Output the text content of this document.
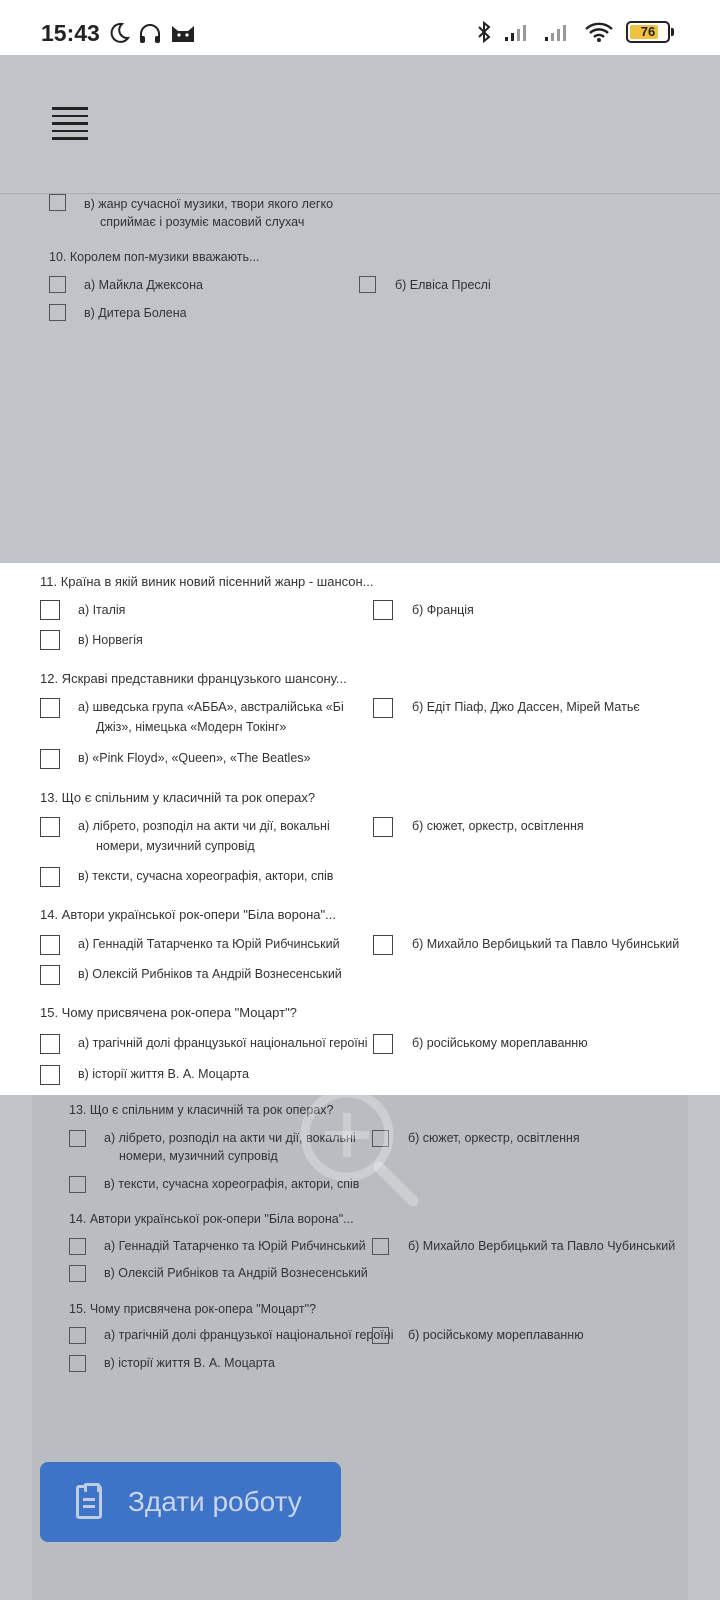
15:43	76
в) жанр сучасної музики, твори якого легко
сприймає і розуміє масовий слухач
10. Королем поп-музики вважають...
а) Майкла Джексона	б) Елвіса Преслі
в) Дитера Болена
11. Країна в якій виник новий пісенний жанр - шансон...
а) Італія	б) Франція
в) Норвегія
12. Яскраві представники французького шансону...
а) шведська група «АББА», австралійська «Бі
Джіз», німецька «Модерн Токінг»
б) Едіт Піаф, Джо Дассен, Мірей Матьє
в) «Pink Floyd», «Queen», «The Beatles»
13. Що є спільним у класичній та рок операх?
а) лібрето, розподіл на акти чи дії, вокальні
номери, музичний супровід
б) сюжет, оркестр, освітлення
в) тексти, сучасна хореографія, актори, спів
14. Автори української рок-опери "Біла ворона"...
а) Геннадій Татарченко та Юрій Рибчинський	б) Михайло Вербицький та Павло Чубинський
в) Олексій Рибніков та Андрій Вознесенський
15. Чому присвячена рок-опера "Моцарт"?
а) трагічній долі французької національної героїні	б) російському мореплаванню
в) історії життя В. А. Моцарта
13. Що є спільним у класичній та рок операх?
а) лібрето, розподіл на акти чи дії, вокальні
номери, музичний супровід
б) сюжет, оркестр, освітлення
в) тексти, сучасна хореографія, актори, спів
14. Автори української рок-опери "Біла ворона"...
а) Геннадій Татарченко та Юрій Рибчинський	б) Михайло Вербицький та Павло Чубинський
в) Олексій Рибніков та Андрій Вознесенський
15. Чому присвячена рок-опера "Моцарт"?
а) трагічній долі французької національної героїні б) російському мореплаванню
в) історії життя В. А. Моцарта
Здати роботу
